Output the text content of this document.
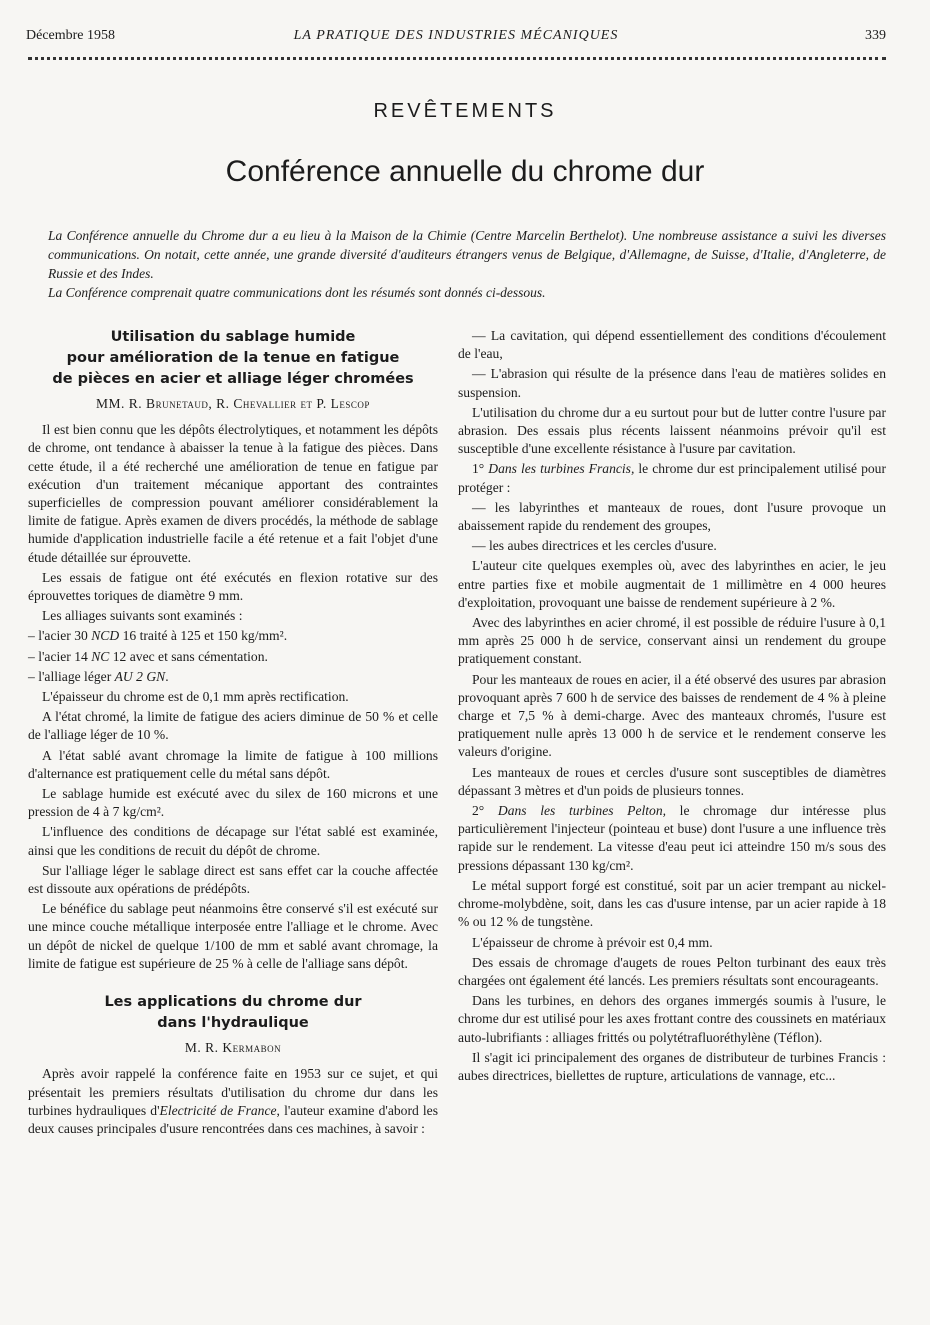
Décembre 1958	LA PRATIQUE DES INDUSTRIES MÉCANIQUES	339
REVÊTEMENTS
Conférence annuelle du chrome dur

La Conférence annuelle du Chrome dur a eu lieu à la Maison de la Chimie (Centre Marcelin Berthelot). Une nombreuse assistance a suivi les diverses communications. On notait, cette année, une grande diversité d'auditeurs étrangers venus de Belgique, d'Allemagne, de Suisse, d'Italie, d'Angleterre, de Russie et des Indes.

La Conférence comprenait quatre communications dont les résumés sont donnés ci-dessous.

Utilisation du sablage humide

pour amélioration de la tenue en fatigue

de pièces en acier et alliage léger chromées

MM. R. Brunetaud, R. Chevallier et P. Lescop

Il est bien connu que les dépôts électrolytiques, et notamment les dépôts de chrome, ont tendance à abaisser la tenue à la fatigue des pièces. Dans cette étude, il a été recherché une amélioration de tenue en fatigue par exécution d'un traitement mécanique apportant des contraintes superficielles de compression pouvant améliorer considérablement la limite de fatigue. Après examen de divers procédés, la méthode de sablage humide d'application industrielle facile a été retenue et a fait l'objet d'une étude détaillée sur éprouvette.

Les essais de fatigue ont été exécutés en flexion rotative sur des éprouvettes toriques de diamètre 9 mm.

Les alliages suivants sont examinés :

– l'acier 30 NCD 16 traité à 125 et 150 kg/mm².

– l'acier 14 NC 12 avec et sans cémentation.

– l'alliage léger AU 2 GN.

L'épaisseur du chrome est de 0,1 mm après rectification.

A l'état chromé, la limite de fatigue des aciers diminue de 50 % et celle de l'alliage léger de 10 %.

A l'état sablé avant chromage la limite de fatigue à 100 millions d'alternance est pratiquement celle du métal sans dépôt.

Le sablage humide est exécuté avec du silex de 160 microns et une pression de 4 à 7 kg/cm².

L'influence des conditions de décapage sur l'état sablé est examinée, ainsi que les conditions de recuit du dépôt de chrome.

Sur l'alliage léger le sablage direct est sans effet car la couche affectée est dissoute aux opérations de prédépôts.

Le bénéfice du sablage peut néanmoins être conservé s'il est exécuté sur une mince couche métallique interposée entre l'alliage et le chrome. Avec un dépôt de nickel de quelque 1/100 de mm et sablé avant chromage, la limite de fatigue est supérieure de 25 % à celle de l'alliage sans dépôt.

Les applications du chrome dur

dans l'hydraulique

M. R. Kermabon

Après avoir rappelé la conférence faite en 1953 sur ce sujet, et qui présentait les premiers résultats d'utilisation du chrome dur dans les turbines hydrauliques d'Electricité de France, l'auteur examine d'abord les deux causes principales d'usure rencontrées dans ces machines, à savoir :

— La cavitation, qui dépend essentiellement des conditions d'écoulement de l'eau,

— L'abrasion qui résulte de la présence dans l'eau de matières solides en suspension.

L'utilisation du chrome dur a eu surtout pour but de lutter contre l'usure par abrasion. Des essais plus récents laissent néanmoins prévoir qu'il est susceptible d'une excellente résistance à l'usure par cavitation.

1° Dans les turbines Francis, le chrome dur est principalement utilisé pour protéger :

— les labyrinthes et manteaux de roues, dont l'usure provoque un abaissement rapide du rendement des groupes,

— les aubes directrices et les cercles d'usure.

L'auteur cite quelques exemples où, avec des labyrinthes en acier, le jeu entre parties fixe et mobile augmentait de 1 millimètre en 4 000 heures d'exploitation, provoquant une baisse de rendement supérieure à 2 %.

Avec des labyrinthes en acier chromé, il est possible de réduire l'usure à 0,1 mm après 25 000 h de service, conservant ainsi un rendement du groupe pratiquement constant.

Pour les manteaux de roues en acier, il a été observé des usures par abrasion provoquant après 7 600 h de service des baisses de rendement de 4 % à pleine charge et 7,5 % à demi-charge. Avec des manteaux chromés, l'usure est pratiquement nulle après 13 000 h de service et le rendement conserve les valeurs d'origine.

Les manteaux de roues et cercles d'usure sont susceptibles de diamètres dépassant 3 mètres et d'un poids de plusieurs tonnes.

2° Dans les turbines Pelton, le chromage dur intéresse plus particulièrement l'injecteur (pointeau et buse) dont l'usure a une influence très rapide sur le rendement. La vitesse d'eau peut ici atteindre 150 m/s sous des pressions dépassant 130 kg/cm².

Le métal support forgé est constitué, soit par un acier trempant au nickel-chrome-molybdène, soit, dans les cas d'usure intense, par un acier rapide à 18 % ou 12 % de tungstène.

L'épaisseur de chrome à prévoir est 0,4 mm.

Des essais de chromage d'augets de roues Pelton turbinant des eaux très chargées ont également été lancés. Les premiers résultats sont encourageants.

Dans les turbines, en dehors des organes immergés soumis à l'usure, le chrome dur est utilisé pour les axes frottant contre des coussinets en matériaux auto-lubrifiants : alliages frittés ou polytétrafluoréthylène (Téflon).

Il s'agit ici principalement des organes de distributeur de turbines Francis : aubes directrices, biellettes de rupture, articulations de vannage, etc...
